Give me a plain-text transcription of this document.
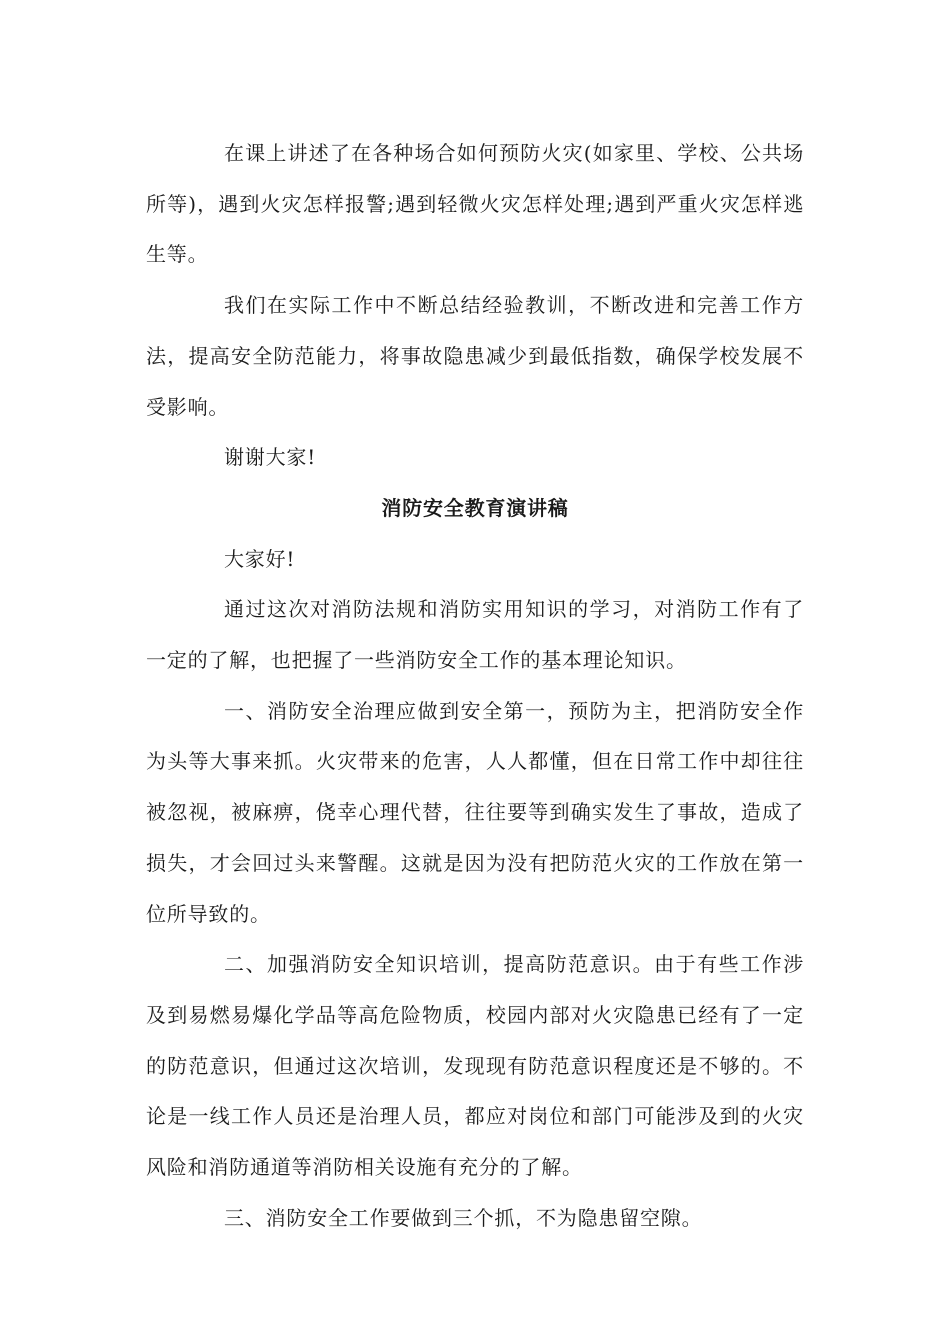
在课上讲述了在各种场合如何预防火灾(如家里、学校、公共场所等)，遇到火灾怎样报警;遇到轻微火灾怎样处理;遇到严重火灾怎样逃生等。

我们在实际工作中不断总结经验教训，不断改进和完善工作方法，提高安全防范能力，将事故隐患减少到最低指数，确保学校发展不受影响。

谢谢大家!

消防安全教育演讲稿

大家好!

通过这次对消防法规和消防实用知识的学习，对消防工作有了一定的了解，也把握了一些消防安全工作的基本理论知识。

一、消防安全治理应做到安全第一，预防为主，把消防安全作为头等大事来抓。火灾带来的危害，人人都懂，但在日常工作中却往往被忽视，被麻痹，侥幸心理代替，往往要等到确实发生了事故，造成了损失，才会回过头来警醒。这就是因为没有把防范火灾的工作放在第一位所导致的。

二、加强消防安全知识培训，提高防范意识。由于有些工作涉及到易燃易爆化学品等高危险物质，校园内部对火灾隐患已经有了一定的防范意识，但通过这次培训，发现现有防范意识程度还是不够的。不论是一线工作人员还是治理人员，都应对岗位和部门可能涉及到的火灾风险和消防通道等消防相关设施有充分的了解。

三、消防安全工作要做到三个抓，不为隐患留空隙。
